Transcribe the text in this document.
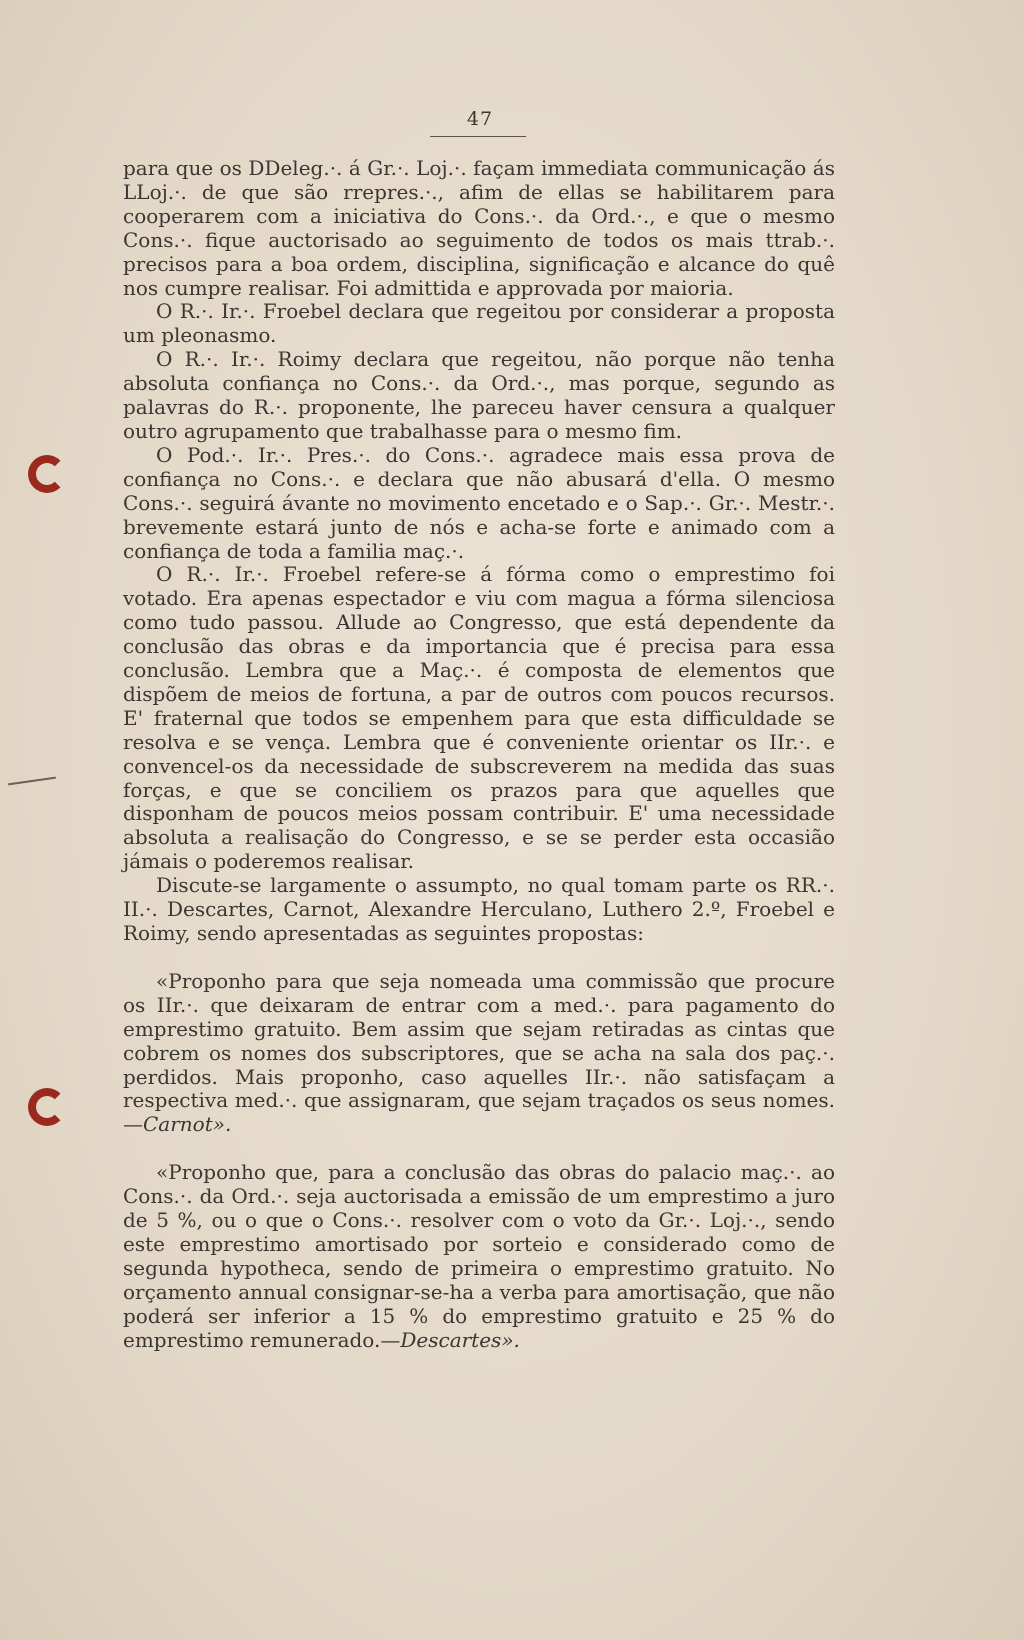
47

para que os DDeleg.·. á Gr.·. Loj.·. façam immediata communicação ás LLoj.·. de que são rrepres.·., afim de ellas se habilitarem para cooperarem com a iniciativa do Cons.·. da Ord.·., e que o mesmo Cons.·. fique auctorisado ao seguimento de todos os mais ttrab.·. precisos para a boa ordem, disciplina, significação e alcance do quê nos cumpre realisar. Foi admittida e approvada por maioria.

O R.·. Ir.·. Froebel declara que regeitou por considerar a proposta um pleonasmo.

O R.·. Ir.·. Roimy declara que regeitou, não porque não tenha absoluta confiança no Cons.·. da Ord.·., mas porque, segundo as palavras do R.·. proponente, lhe pareceu haver censura a qualquer outro agrupamento que trabalhasse para o mesmo fim.

O Pod.·. Ir.·. Pres.·. do Cons.·. agradece mais essa prova de confiança no Cons.·. e declara que não abusará d'ella. O mesmo Cons.·. seguirá ávante no movimento encetado e o Sap.·. Gr.·. Mestr.·. brevemente estará junto de nós e acha-se forte e animado com a confiança de toda a familia maç.·.

O R.·. Ir.·. Froebel refere-se á fórma como o emprestimo foi votado. Era apenas espectador e viu com magua a fórma silenciosa como tudo passou. Allude ao Congresso, que está dependente da conclusão das obras e da importancia que é precisa para essa conclusão. Lembra que a Maç.·. é composta de elementos que dispõem de meios de fortuna, a par de outros com poucos recursos. E' fraternal que todos se empenhem para que esta difficuldade se resolva e se vença. Lembra que é conveniente orientar os IIr.·. e convencel-os da necessidade de subscreverem na medida das suas forças, e que se conciliem os prazos para que aquelles que disponham de poucos meios possam contribuir. E' uma necessidade absoluta a realisação do Congresso, e se se perder esta occasião jámais o poderemos realisar.

Discute-se largamente o assumpto, no qual tomam parte os RR.·. II.·. Descartes, Carnot, Alexandre Herculano, Luthero 2.º, Froebel e Roimy, sendo apresentadas as seguintes propostas:

«Proponho para que seja nomeada uma commissão que procure os IIr.·. que deixaram de entrar com a med.·. para pagamento do emprestimo gratuito. Bem assim que sejam retiradas as cintas que cobrem os nomes dos subscriptores, que se acha na sala dos paç.·. perdidos. Mais proponho, caso aquelles IIr.·. não satisfaçam a respectiva med.·. que assignaram, que sejam traçados os seus nomes.—Carnot».

«Proponho que, para a conclusão das obras do palacio maç.·. ao Cons.·. da Ord.·. seja auctorisada a emissão de um emprestimo a juro de 5 %, ou o que o Cons.·. resolver com o voto da Gr.·. Loj.·., sendo este emprestimo amortisado por sorteio e considerado como de segunda hypotheca, sendo de primeira o emprestimo gratuito. No orçamento annual consignar-se-ha a verba para amortisação, que não poderá ser inferior a 15 % do emprestimo gratuito e 25 % do emprestimo remunerado.—Descartes».
